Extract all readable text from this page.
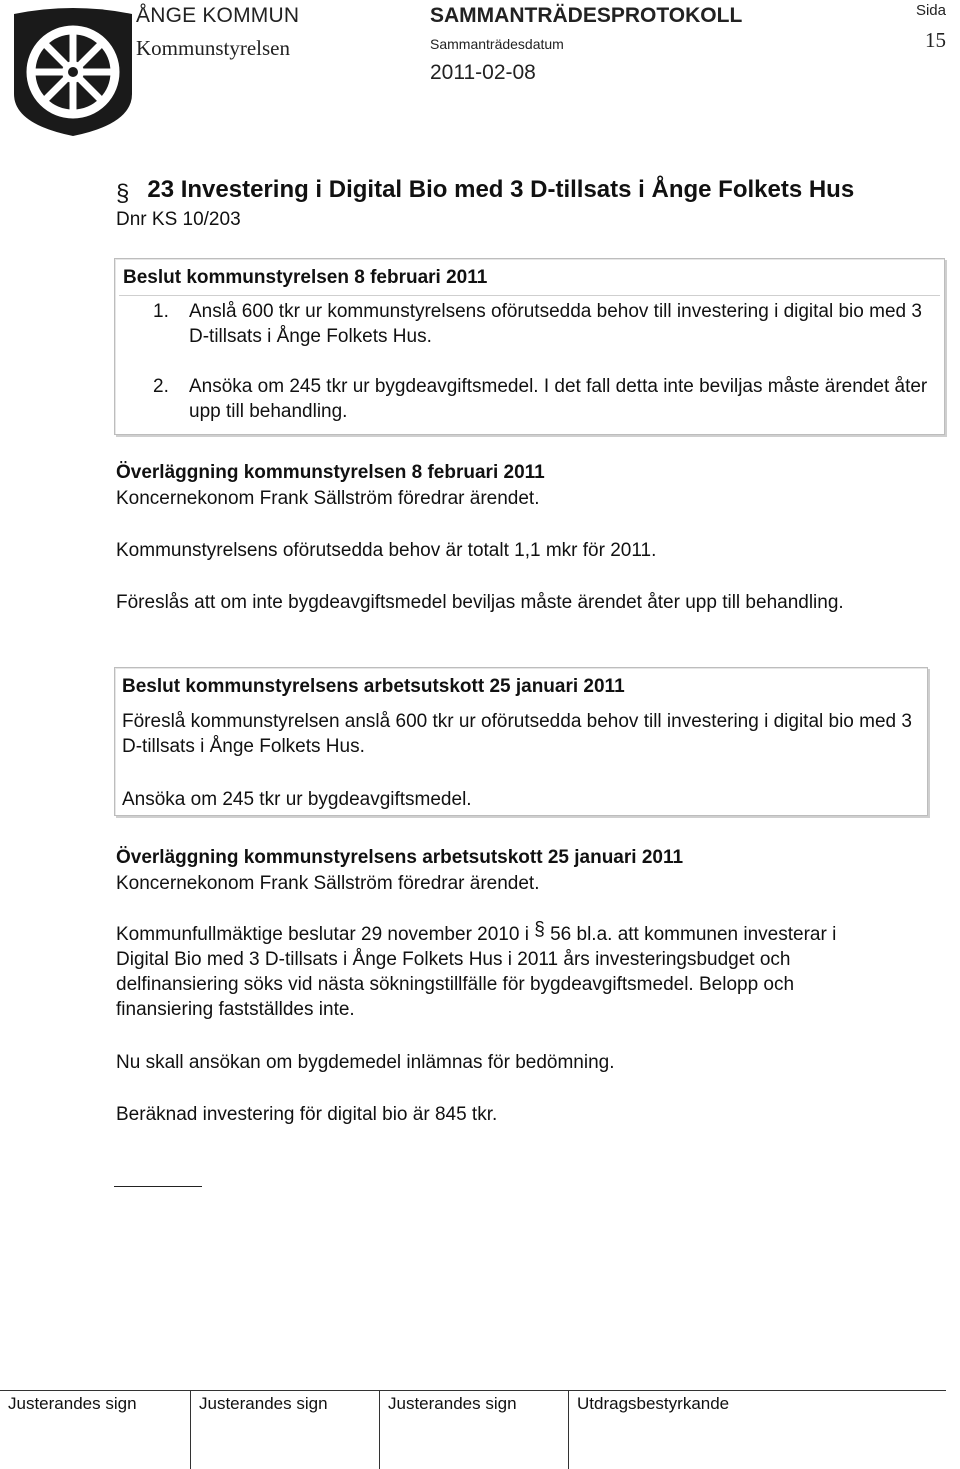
ÅNGE KOMMUN
Kommunstyrelsen
SAMMANTRÄDESPROTOKOLL
Sammanträdesdatum
2011-02-08
Sida
15
§ 23 Investering i Digital Bio med 3 D-tillsats i Ånge Folkets Hus
Dnr KS 10/203
Beslut kommunstyrelsen 8 februari 2011
1. Anslå 600 tkr ur kommunstyrelsens oförutsedda behov till investering i digital bio med 3 D-tillsats i Ånge Folkets Hus.
2. Ansöka om 245 tkr ur bygdeavgiftsmedel. I det fall detta inte beviljas måste ärendet åter upp till behandling.
Överläggning kommunstyrelsen 8 februari 2011
Koncernekonom Frank Sällström föredrar ärendet.
Kommunstyrelsens oförutsedda behov är totalt 1,1 mkr för 2011.
Föreslås att om inte bygdeavgiftsmedel beviljas måste ärendet åter upp till behandling.
Beslut kommunstyrelsens arbetsutskott 25 januari 2011
Föreslå kommunstyrelsen anslå 600 tkr ur oförutsedda behov till investering i digital bio med 3 D-tillsats i Ånge Folkets Hus.
Ansöka om 245 tkr ur bygdeavgiftsmedel.
Överläggning kommunstyrelsens arbetsutskott 25 januari 2011
Koncernekonom Frank Sällström föredrar ärendet.
Kommunfullmäktige beslutar 29 november 2010 i § 56 bl.a. att kommunen investerar i Digital Bio med 3 D-tillsats i Ånge Folkets Hus i 2011 års investeringsbudget och delfinansiering söks vid nästa sökningstillfälle för bygdeavgiftsmedel. Belopp och finansiering fastställdes inte.
Nu skall ansökan om bygdemedel inlämnas för bedömning.
Beräknad investering för digital bio är 845 tkr.
Justerandes sign	Justerandes sign	Justerandes sign	Utdragsbestyrkande
